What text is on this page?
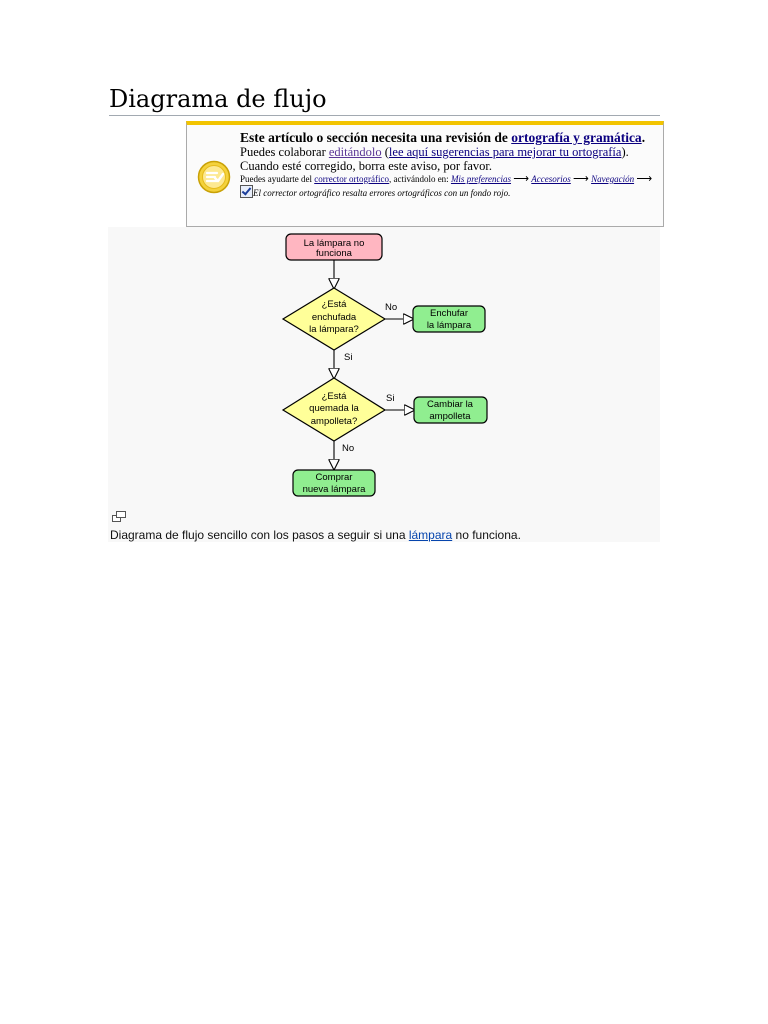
Diagrama de flujo
Este artículo o sección necesita una revisión de ortografía y gramática.
Puedes colaborar editándolo (lee aquí sugerencias para mejorar tu ortografía).
Cuando esté corregido, borra este aviso, por favor.
Puedes ayudarte del corrector ortográfico, activándolo en: Mis preferencias ⟶ Accesorios ⟶ Navegación ⟶ El corrector ortográfico resalta errores ortográficos con un fondo rojo.
La lámpara no
funciona
¿Está
enchufada
la lámpara?
Enchufar
la lámpara
¿Está
quemada la
ampolleta?
Cambiar la
ampolleta
Comprar
nueva lámpara
No
Si
Si
No
Diagrama de flujo sencillo con los pasos a seguir si una lámpara no funciona.
